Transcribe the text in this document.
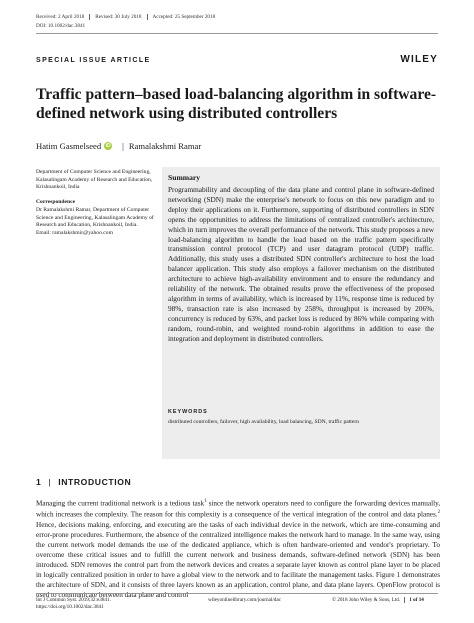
Received: 2 April 2018	Revised: 30 July 2018	Accepted: 25 September 2018
DOI: 10.1002/dac.3841
SPECIAL ISSUE ARTICLE	WILEY
Traffic pattern–based load-balancing algorithm in software-defined network using distributed controllers
Hatim Gasmelseed iD | Ramalakshmi Ramar

Department of Computer Science and Engineering, Kalasalingam Academy of Research and Education, Krishnankoil, India

Correspondence

Dr Ramalakshmi Ramar, Department of Computer Science and Engineering, Kalasalingam Academy of Research and Education, Krishnankoil, India.

Email: ramalakshmir@yahoo.com

Summary

Programmability and decoupling of the data plane and control plane in software-defined networking (SDN) make the enterprise's network to focus on this new paradigm and to deploy their applications on it. Furthermore, supporting of distributed controllers in SDN opens the opportunities to address the limitations of centralized controller's architecture, which in turn improves the overall performance of the network. This study proposes a new load-balancing algorithm to handle the load based on the traffic pattern specifically transmission control protocol (TCP) and user datagram protocol (UDP) traffic. Additionally, this study uses a distributed SDN controller's architecture to host the load balancer application. This study also employs a failover mechanism on the distributed architecture to achieve high-availability environment and to ensure the redundancy and reliability of the network. The obtained results prove the effectiveness of the proposed algorithm in terms of availability, which is increased by 11%, response time is reduced by 98%, transaction rate is also increased by 258%, throughput is increased by 206%, concurrency is reduced by 63%, and packet loss is reduced by 86% while comparing with random, round-robin, and weighted round-robin algorithms in addition to ease the integration and deployment in distributed controllers.

KEYWORDS
distributed controllers, failover, high availability, load balancing, SDN, traffic pattern
1 | INTRODUCTION

Managing the current traditional network is a tedious task$^1$ since the network operators need to configure the forwarding devices manually, which increases the complexity. The reason for this complexity is a consequence of the vertical integration of the control and data planes.$^2$ Hence, decisions making, enforcing, and executing are the tasks of each individual device in the network, which are time-consuming and error-prone procedures. Furthermore, the absence of the centralized intelligence makes the network hard to manage. In the same way, using the current network model demands the use of the dedicated appliance, which is often hardware-oriented and vendor's proprietary. To overcome these critical issues and to fulfill the current network and business demands, software-defined network (SDN) has been introduced. SDN removes the control part from the network devices and creates a separate layer known as control plane layer to be placed in logically centralized position in order to have a global view to the network and to facilitate the management tasks. Figure 1 demonstrates the architecture of SDN, and it consists of three layers known as an application, control plane, and data plane layers. OpenFlow protocol is used to communicate between data plane and control

Int J Commun Syst. 2019;32:e3841.

https://doi.org/10.1002/dac.3841

wileyonlinelibrary.com/journal/dac	© 2018 John Wiley & Sons, Ltd. 1 of 14
